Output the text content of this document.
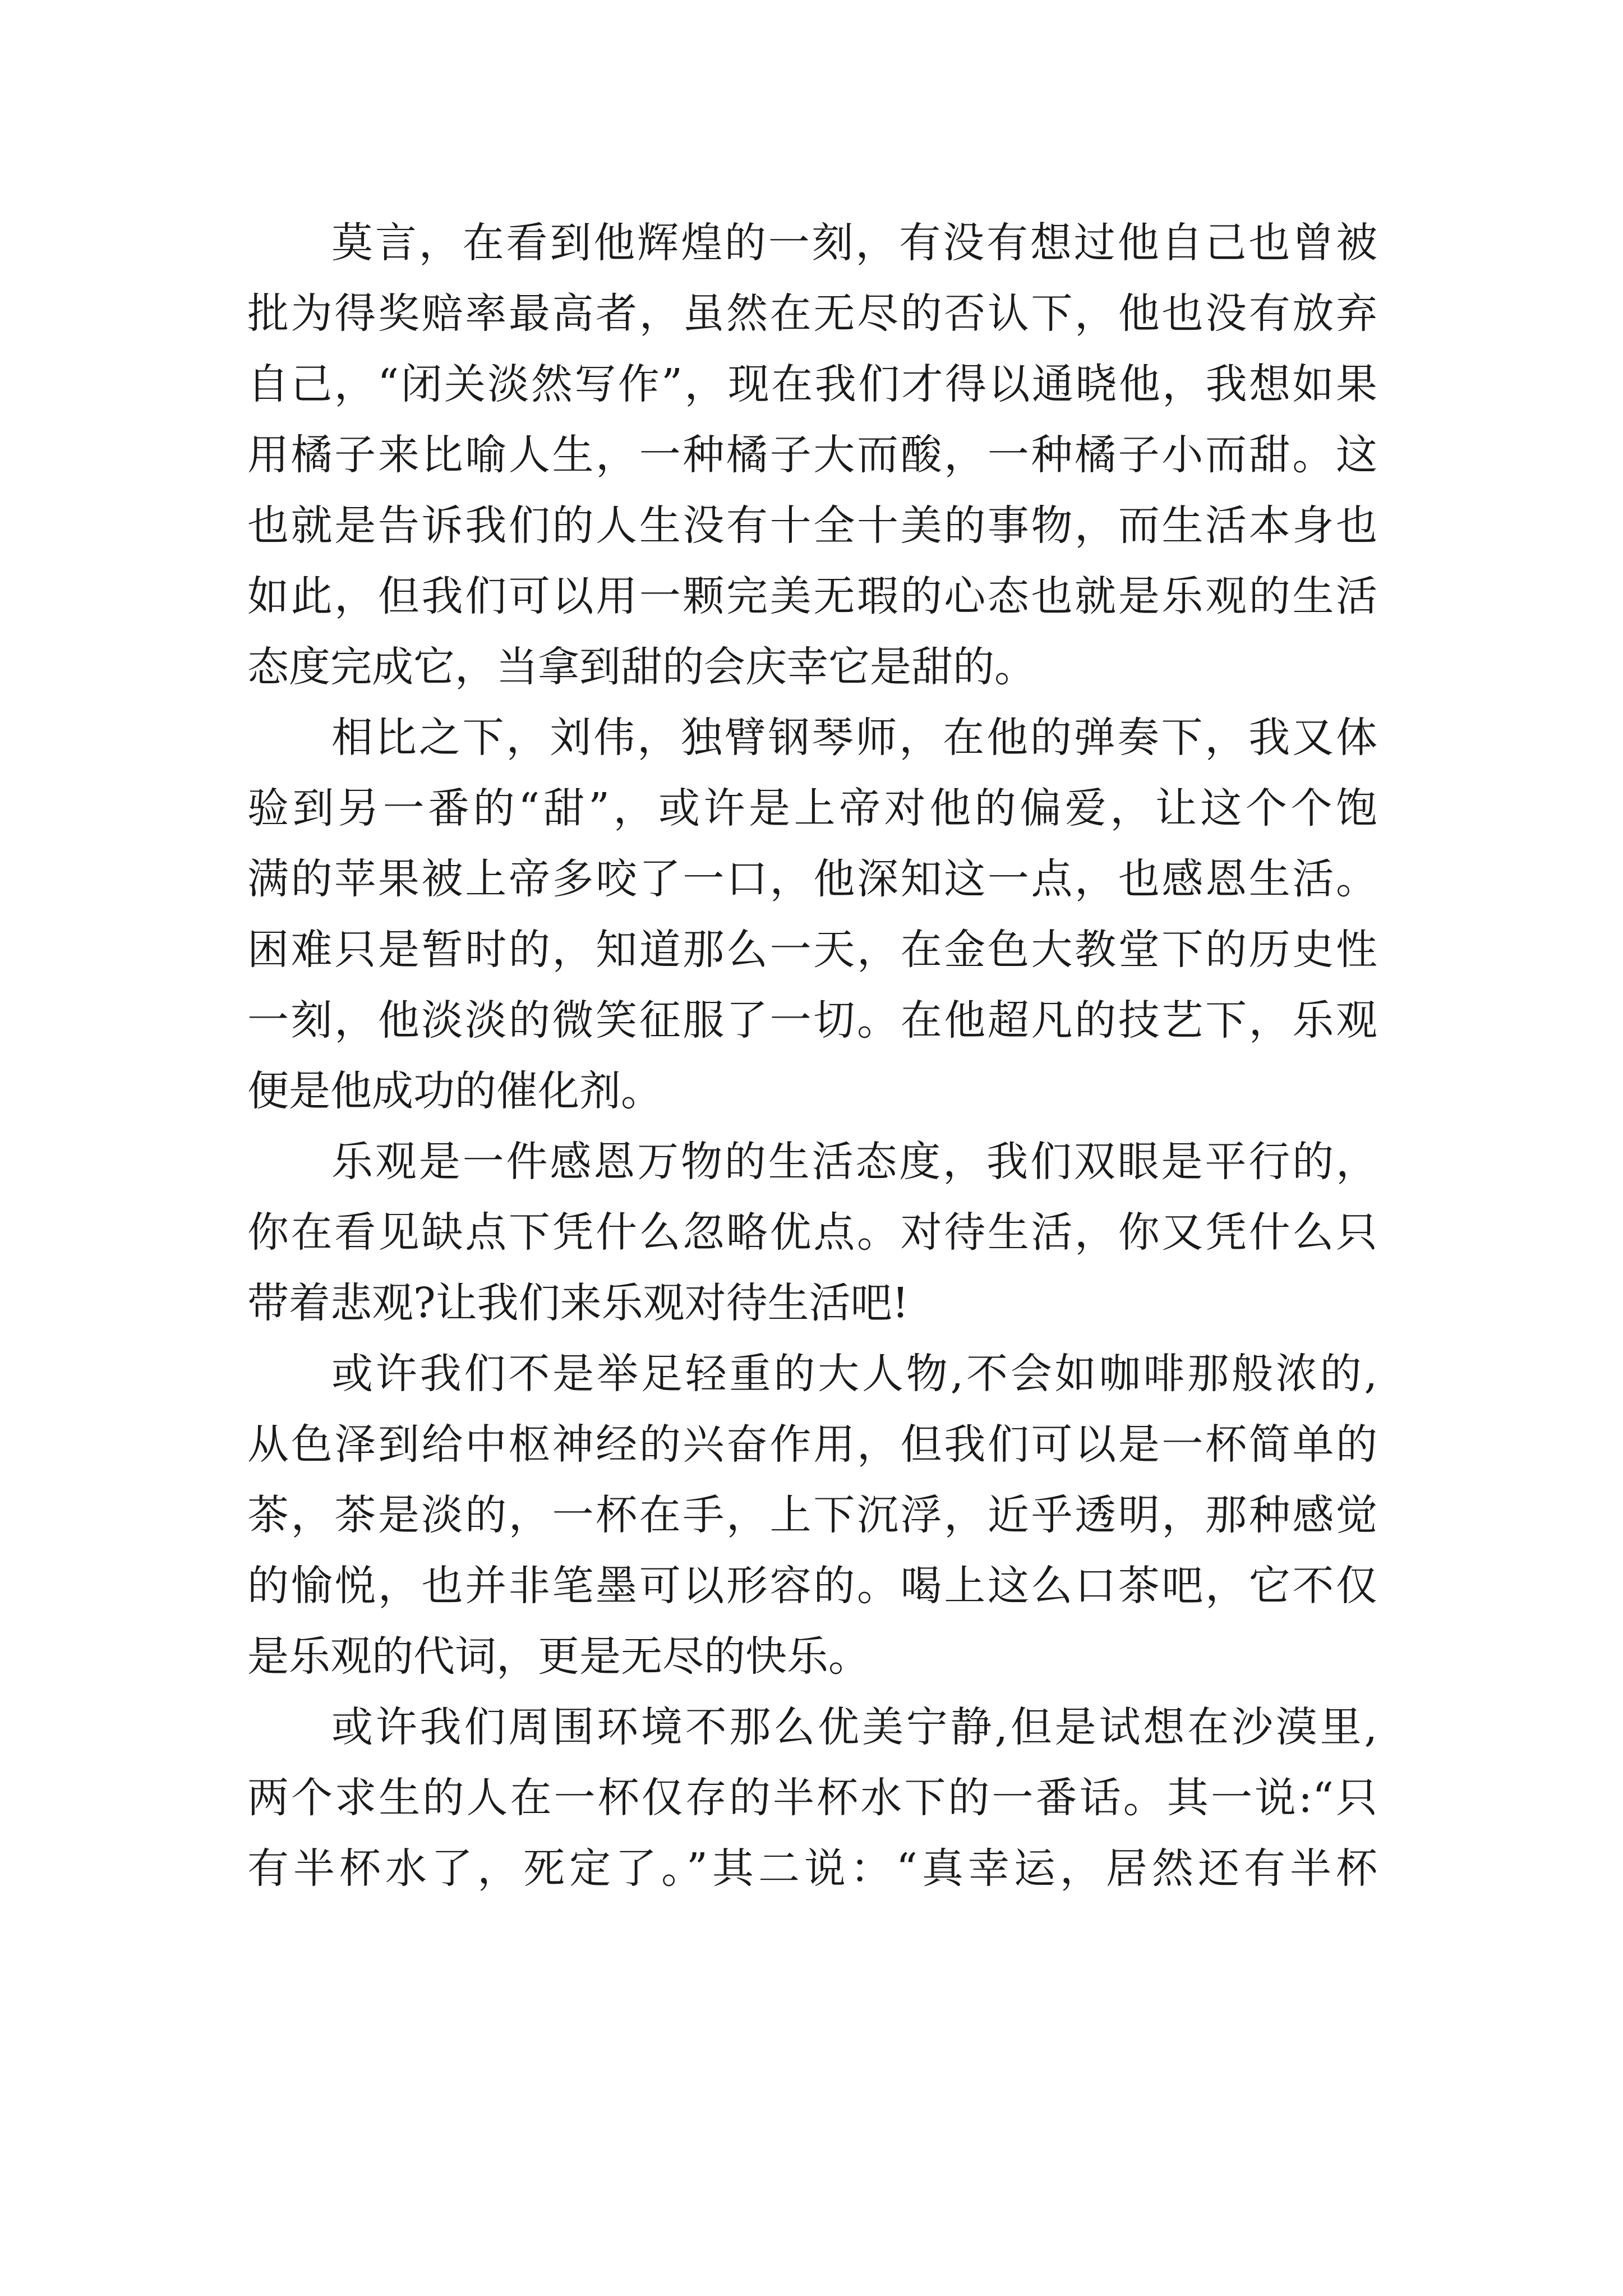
莫言，在看到他辉煌的一刻，有没有想过他自己也曾被
批为得奖赔率最高者，虽然在无尽的否认下，他也没有放弃
自己，“闭关淡然写作”，现在我们才得以通晓他，我想如果
用橘子来比喻人生，一种橘子大而酸，一种橘子小而甜。这
也就是告诉我们的人生没有十全十美的事物，而生活本身也
如此，但我们可以用一颗完美无瑕的心态也就是乐观的生活
态度完成它，当拿到甜的会庆幸它是甜的。
相比之下，刘伟，独臂钢琴师，在他的弹奏下，我又体
验到另一番的“甜”，或许是上帝对他的偏爱，让这个个饱
满的苹果被上帝多咬了一口，他深知这一点，也感恩生活。
困难只是暂时的，知道那么一天，在金色大教堂下的历史性
一刻，他淡淡的微笑征服了一切。在他超凡的技艺下，乐观
便是他成功的催化剂。
乐观是一件感恩万物的生活态度，我们双眼是平行的，
你在看见缺点下凭什么忽略优点。对待生活，你又凭什么只
带着悲观?让我们来乐观对待生活吧!
或许我们不是举足轻重的大人物,不会如咖啡那般浓的,
从色泽到给中枢神经的兴奋作用，但我们可以是一杯简单的
茶，茶是淡的，一杯在手，上下沉浮，近乎透明，那种感觉
的愉悦，也并非笔墨可以形容的。喝上这么口茶吧，它不仅
是乐观的代词，更是无尽的快乐。
或许我们周围环境不那么优美宁静,但是试想在沙漠里,
两个求生的人在一杯仅存的半杯水下的一番话。其一说:“只
有半杯水了，死定了。”其二说：“真幸运，居然还有半杯
